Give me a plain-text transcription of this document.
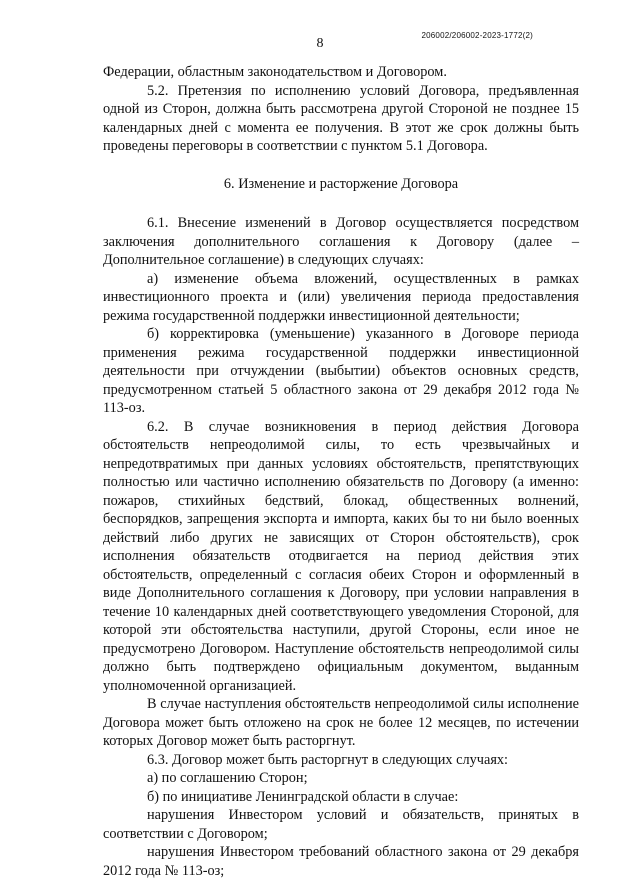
206002/206002-2023-1772(2)
8

Федерации, областным законодательством и Договором.

5.2. Претензия по исполнению условий Договора, предъявленная одной из Сторон, должна быть рассмотрена другой Стороной не позднее 15 календарных дней с момента ее получения. В этот же срок должны быть проведены переговоры в соответствии с пунктом 5.1 Договора.

6. Изменение и расторжение Договора

6.1. Внесение изменений в Договор осуществляется посредством заключения дополнительного соглашения к Договору (далее – Дополнительное соглашение) в следующих случаях:

а) изменение объема вложений, осуществленных в рамках инвестиционного проекта и (или) увеличения периода предоставления режима государственной поддержки инвестиционной деятельности;

б) корректировка (уменьшение) указанного в Договоре периода применения режима государственной поддержки инвестиционной деятельности при отчуждении (выбытии) объектов основных средств, предусмотренном статьей 5 областного закона от 29 декабря 2012 года № 113-оз.

6.2. В случае возникновения в период действия Договора обстоятельств непреодолимой силы, то есть чрезвычайных и непредотвратимых при данных условиях обстоятельств, препятствующих полностью или частично исполнению обязательств по Договору (а именно: пожаров, стихийных бедствий, блокад, общественных волнений, беспорядков, запрещения экспорта и импорта, каких бы то ни было военных действий либо других не зависящих от Сторон обстоятельств), срок исполнения обязательств отодвигается на период действия этих обстоятельств, определенный с согласия обеих Сторон и оформленный в виде Дополнительного соглашения к Договору, при условии направления в течение 10 календарных дней соответствующего уведомления Стороной, для которой эти обстоятельства наступили, другой Стороны, если иное не предусмотрено Договором. Наступление обстоятельств непреодолимой силы должно быть подтверждено официальным документом, выданным уполномоченной организацией.

В случае наступления обстоятельств непреодолимой силы исполнение Договора может быть отложено на срок не более 12 месяцев, по истечении которых Договор может быть расторгнут.

6.3. Договор может быть расторгнут в следующих случаях:

а) по соглашению Сторон;

б) по инициативе Ленинградской области в случае:

нарушения Инвестором условий и обязательств, принятых в соответствии с Договором;

нарушения Инвестором требований областного закона от 29 декабря 2012 года № 113-оз;
